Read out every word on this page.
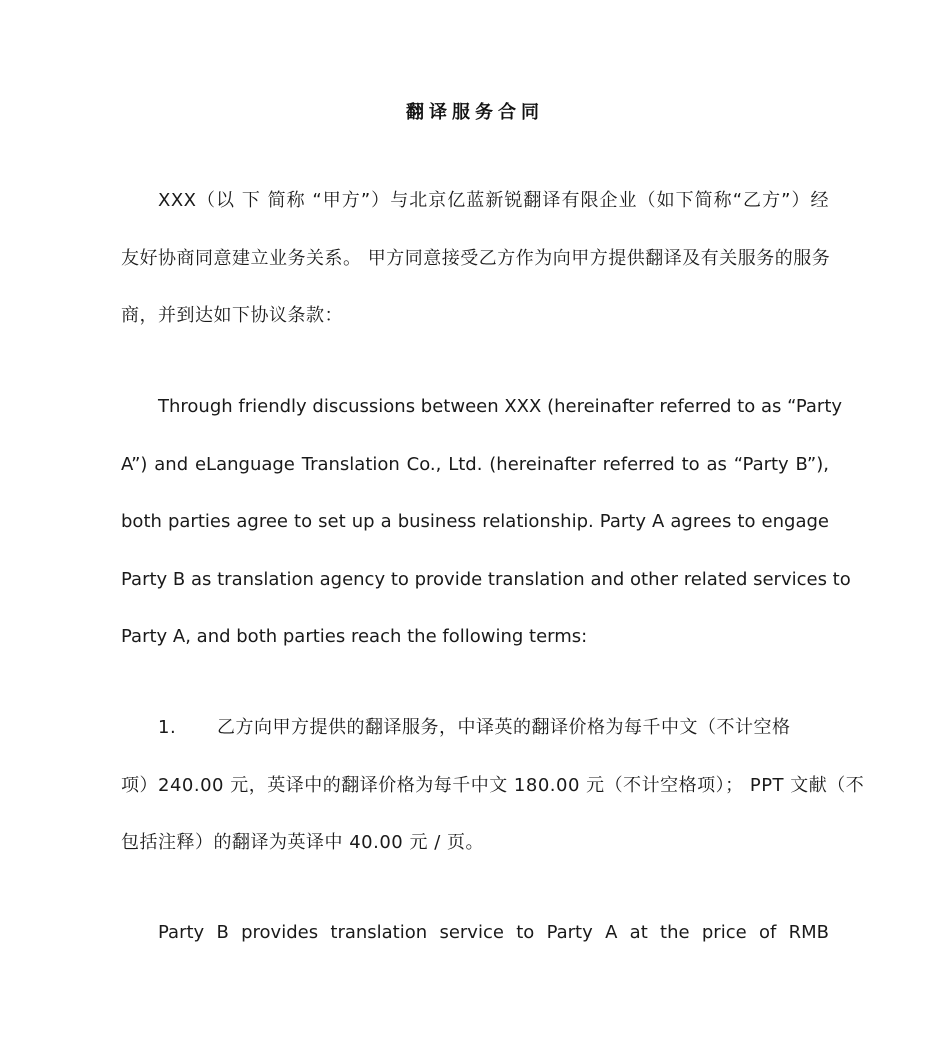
翻译服务合同
XXX（以 下 简称 “甲方”）与北京亿蓝新锐翻译有限企业（如下简称“乙方”）经
友好协商同意建立业务关系。 甲方同意接受乙方作为向甲方提供翻译及有关服务的服务
商，并到达如下协议条款：
Through friendly discussions between XXX (hereinafter referred to as “Party
A”) and eLanguage Translation Co., Ltd. (hereinafter referred to as “Party B”),
both parties agree to set up a business relationship. Party A agrees to engage
Party B as translation agency to provide translation and other related services to
Party A, and both parties reach the following terms:
1. 乙方向甲方提供的翻译服务，中译英的翻译价格为每千中文（不计空格
项）240.00 元，英译中的翻译价格为每千中文 180.00 元（不计空格项）； PPT 文献（不
包括注释）的翻译为英译中 40.00 元 / 页。
Party B provides translation service to Party A at the price of RMB
